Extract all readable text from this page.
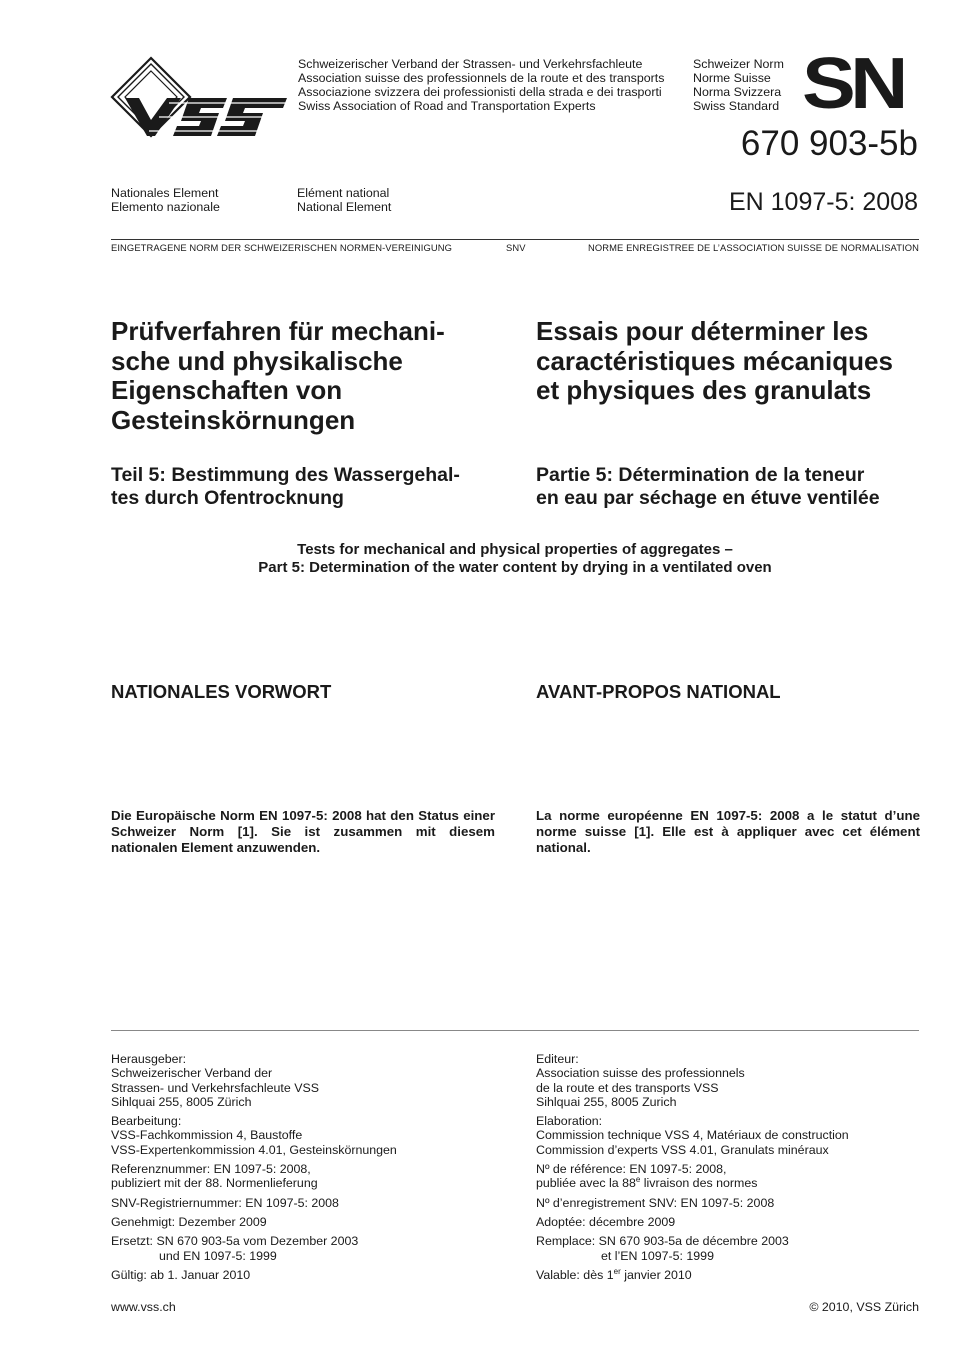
Schweizerischer Verband der Strassen- und Verkehrsfachleute
Association suisse des professionnels de la route et des transports
Associazione svizzera dei professionisti della strada e dei trasporti
Swiss Association of Road and Transportation Experts
Schweizer Norm
Norme Suisse
Norma Svizzera
Swiss Standard SN
670 903-5b
EN 1097-5: 2008
Nationales Element
Elemento nazionale
Elément national
National Element
EINGETRAGENE NORM DER SCHWEIZERISCHEN NORMEN-VEREINIGUNG	SNV	NORME ENREGISTREE DE L’ASSOCIATION SUISSE DE NORMALISATION
Prüfverfahren für mechani-
sche und physikalische
Eigenschaften von
Gesteinskörnungen
Teil 5: Bestimmung des Wassergehal-
tes durch Ofentrocknung
Essais pour déterminer les
caractéristiques mécaniques
et physiques des granulats
Partie 5: Détermination de la teneur
en eau par séchage en étuve ventilée
Tests for mechanical and physical properties of aggregates –
Part 5: Determination of the water content by drying in a ventilated oven
NATIONALES VORWORT	AVANT-PROPOS NATIONAL
Die Europäische Norm EN 1097-5: 2008 hat den Status einer Schweizer Norm [1]. Sie ist zusammen mit diesem nationalen Element anzuwenden.
La norme européenne EN 1097-5: 2008 a le statut d’une norme suisse [1]. Elle est à appliquer avec cet élément national.
Herausgeber:
Schweizerischer Verband der
Strassen- und Verkehrsfachleute VSS
Sihlquai 255, 8005 Zürich
Bearbeitung:
VSS-Fachkommission 4, Baustoffe
VSS-Expertenkommission 4.01, Gesteinskörnungen
Referenznummer: EN 1097-5: 2008,
publiziert mit der 88. Normenlieferung
SNV-Registriernummer: EN 1097-5: 2008
Genehmigt: Dezember 2009
Ersetzt: SN 670 903-5a vom Dezember 2003
und EN 1097-5: 1999
Gültig: ab 1. Januar 2010
Editeur:
Association suisse des professionnels
de la route et des transports VSS
Sihlquai 255, 8005 Zurich
Elaboration:
Commission technique VSS 4, Matériaux de construction
Commission d’experts VSS 4.01, Granulats minéraux
Nº de référence: EN 1097-5: 2008,
publiée avec la 88e livraison des normes
Nº d’enregistrement SNV: EN 1097-5: 2008
Adoptée: décembre 2009
Remplace: SN 670 903-5a de décembre 2003
et l’EN 1097-5: 1999
Valable: dès 1er janvier 2010
www.vss.ch	© 2010, VSS Zürich
